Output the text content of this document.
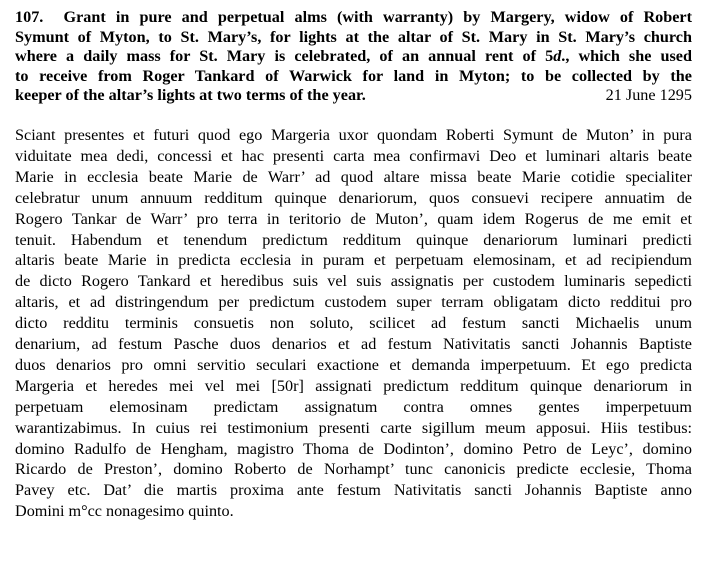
107. Grant in pure and perpetual alms (with warranty) by Margery, widow of Robert
Symunt of Myton, to St. Mary’s, for lights at the altar of St. Mary in St. Mary’s church
where a daily mass for St. Mary is celebrated, of an annual rent of 5d., which she used
to receive from Roger Tankard of Warwick for land in Myton; to be collected by the
keeper of the altar’s lights at two terms of the year.	21 June 1295

Sciant presentes et futuri quod ego Margeria uxor quondam Roberti Symunt de Muton’ in pura
viduitate mea dedi, concessi et hac presenti carta mea confirmavi Deo et luminari altaris beate
Marie in ecclesia beate Marie de Warr’ ad quod altare missa beate Marie cotidie specialiter
celebratur unum annuum redditum quinque denariorum, quos consuevi recipere annuatim de
Rogero Tankar de Warr’ pro terra in teritorio de Muton’, quam idem Rogerus de me emit et
tenuit. Habendum et tenendum predictum redditum quinque denariorum luminari predicti
altaris beate Marie in predicta ecclesia in puram et perpetuam elemosinam, et ad recipiendum
de dicto Rogero Tankard et heredibus suis vel suis assignatis per custodem luminaris sepedicti
altaris, et ad distringendum per predictum custodem super terram obligatam dicto redditui pro
dicto redditu terminis consuetis non soluto, scilicet ad festum sancti Michaelis unum
denarium, ad festum Pasche duos denarios et ad festum Nativitatis sancti Johannis Baptiste
duos denarios pro omni servitio seculari exactione et demanda imperpetuum. Et ego predicta
Margeria et heredes mei vel mei [50r] assignati predictum redditum quinque denariorum in
perpetuam elemosinam predictam assignatum contra omnes gentes imperpetuum
warantizabimus. In cuius rei testimonium presenti carte sigillum meum apposui. Hiis testibus:
domino Radulfo de Hengham, magistro Thoma de Dodinton’, domino Petro de Leyc’, domino
Ricardo de Preston’, domino Roberto de Norhampt’ tunc canonicis predicte ecclesie, Thoma
Pavey etc. Dat’ die martis proxima ante festum Nativitatis sancti Johannis Baptiste anno
Domini m°cc nonagesimo quinto.
